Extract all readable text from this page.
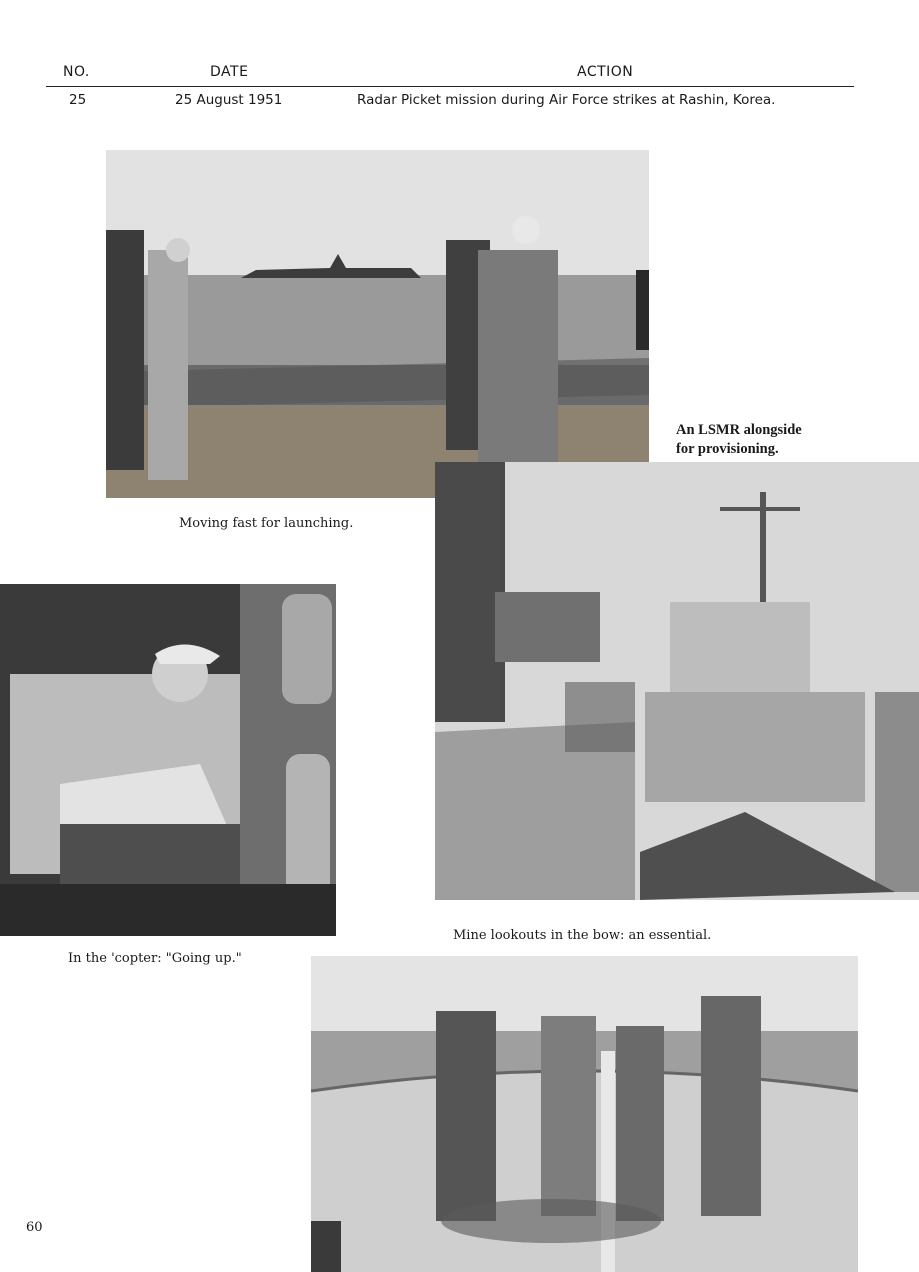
NO.	DATE	ACTION
25	25 August 1951	Radar Picket mission during Air Force strikes at Rashin, Korea.
Moving fast for launching.
An LSMR alongside
for provisioning.
In the 'copter: "Going up."
Mine lookouts in the bow: an essential.
60
